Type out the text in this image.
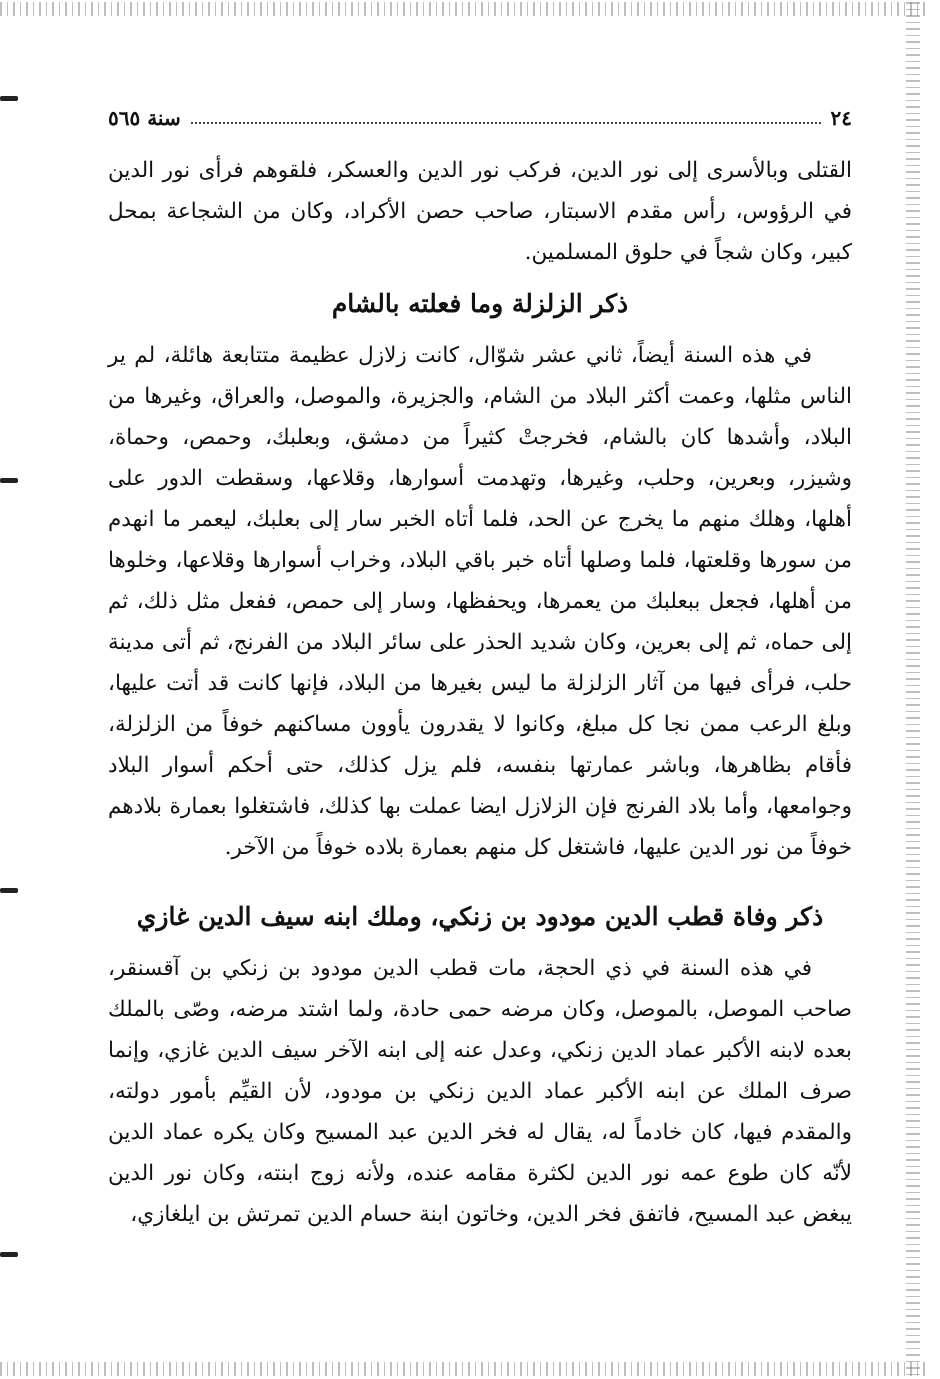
٢٤
سنة ٥٦٥

القتلى وبالأسرى إلى نور الدين، فركب نور الدين والعسكر، فلقوهم فرأى نور الدين في الرؤوس، رأس مقدم الاسبتار، صاحب حصن الأكراد، وكان من الشجاعة بمحل كبير، وكان شجاً في حلوق المسلمين.

ذكر الزلزلة وما فعلته بالشام

في هذه السنة أيضاً، ثاني عشر شوّال، كانت زلازل عظيمة متتابعة هائلة، لم ير الناس مثلها، وعمت أكثر البلاد من الشام، والجزيرة، والموصل، والعراق، وغيرها من البلاد، وأشدها كان بالشام، فخرجتْ كثيراً من دمشق، وبعلبك، وحمص، وحماة، وشيزر، وبعرين، وحلب، وغيرها، وتهدمت أسوارها، وقلاعها، وسقطت الدور على أهلها، وهلك منهم ما يخرج عن الحد، فلما أتاه الخبر سار إلى بعلبك، ليعمر ما انهدم من سورها وقلعتها، فلما وصلها أتاه خبر باقي البلاد، وخراب أسوارها وقلاعها، وخلوها من أهلها، فجعل ببعلبك من يعمرها، ويحفظها، وسار إلى حمص، ففعل مثل ذلك، ثم إلى حماه، ثم إلى بعرين، وكان شديد الحذر على سائر البلاد من الفرنج، ثم أتى مدينة حلب، فرأى فيها من آثار الزلزلة ما ليس بغيرها من البلاد، فإنها كانت قد أتت عليها، وبلغ الرعب ممن نجا كل مبلغ، وكانوا لا يقدرون يأوون مساكنهم خوفاً من الزلزلة، فأقام بظاهرها، وباشر عمارتها بنفسه، فلم يزل كذلك، حتى أحكم أسوار البلاد وجوامعها، وأما بلاد الفرنج فإن الزلازل ايضا عملت بها كذلك، فاشتغلوا بعمارة بلادهم خوفاً من نور الدين عليها، فاشتغل كل منهم بعمارة بلاده خوفاً من الآخر.

ذكر وفاة قطب الدين مودود بن زنكي، وملك ابنه سيف الدين غازي

في هذه السنة في ذي الحجة، مات قطب الدين مودود بن زنكي بن آقسنقر، صاحب الموصل، بالموصل، وكان مرضه حمى حادة، ولما اشتد مرضه، وصّى بالملك بعده لابنه الأكبر عماد الدين زنكي، وعدل عنه إلى ابنه الآخر سيف الدين غازي، وإنما صرف الملك عن ابنه الأكبر عماد الدين زنكي بن مودود، لأن القيِّم بأمور دولته، والمقدم فيها، كان خادماً له، يقال له فخر الدين عبد المسيح وكان يكره عماد الدين لأنّه كان طوع عمه نور الدين لكثرة مقامه عنده، ولأنه زوج ابنته، وكان نور الدين يبغض عبد المسيح، فاتفق فخر الدين، وخاتون ابنة حسام الدين تمرتش بن ايلغازي،
